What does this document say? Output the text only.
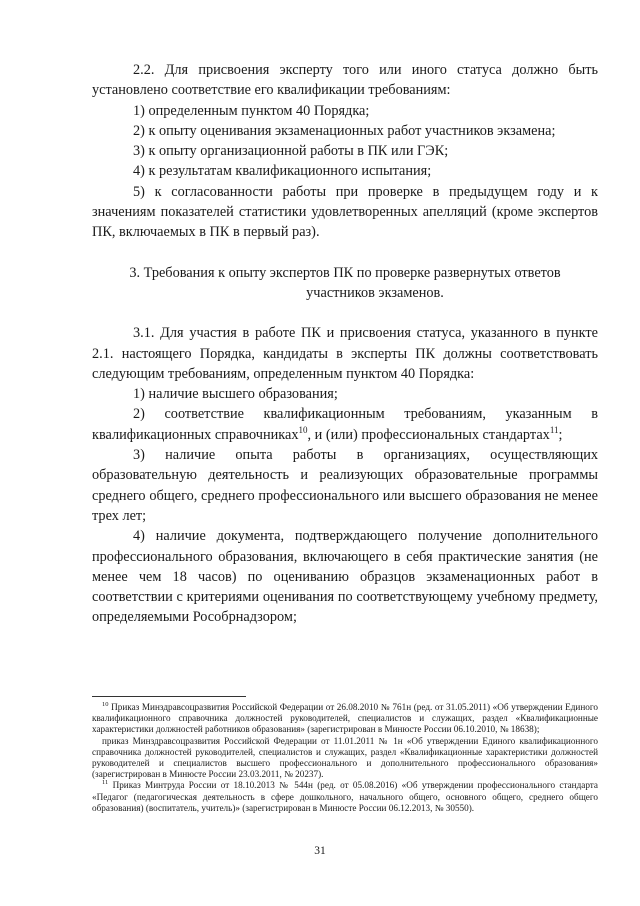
2.2. Для присвоения эксперту того или иного статуса должно быть установлено соответствие его квалификации требованиям:

1) определенным пунктом 40 Порядка;

2) к опыту оценивания экзаменационных работ участников экзамена;

3) к опыту организационной работы в ПК или ГЭК;

4) к результатам квалификационного испытания;

5) к согласованности работы при проверке в предыдущем году и к значениям показателей статистики удовлетворенных апелляций (кроме экспертов ПК, включаемых в ПК в первый раз).

3. Требования к опыту экспертов ПК по проверке развернутых ответов
участников экзаменов.

3.1. Для участия в работе ПК и присвоения статуса, указанного в пункте 2.1. настоящего Порядка, кандидаты в эксперты ПК должны соответствовать следующим требованиям, определенным пунктом 40 Порядка:

1) наличие высшего образования;

2) соответствие квалификационным требованиям, указанным в квалификационных справочниках$^{10}$, и (или) профессиональных стандартах$^{11}$;

3) наличие опыта работы в организациях, осуществляющих образовательную деятельность и реализующих образовательные программы среднего общего, среднего профессионального или высшего образования не менее трех лет;

4) наличие документа, подтверждающего получение дополнительного профессионального образования, включающего в себя практические занятия (не менее чем 18 часов) по оцениванию образцов экзаменационных работ в соответствии с критериями оценивания по соответствующему учебному предмету, определяемыми Рособрнадзором;

$^{10}$ Приказ Минздравсоцразвития Российской Федерации от 26.08.2010 № 761н (ред. от 31.05.2011) «Об утверждении Единого квалификационного справочника должностей руководителей, специалистов и служащих, раздел «Квалификационные характеристики должностей работников образования» (зарегистрирован в Минюсте России 06.10.2010, № 18638);

приказ Минздравсоцразвития Российской Федерации от 11.01.2011 № 1н «Об утверждении Единого квалификационного справочника должностей руководителей, специалистов и служащих, раздел «Квалификационные характеристики должностей руководителей и специалистов высшего профессионального и дополнительного профессионального образования» (зарегистрирован в Минюсте России 23.03.2011, № 20237).

$^{11}$ Приказ Минтруда России от 18.10.2013 № 544н (ред. от 05.08.2016) «Об утверждении профессионального стандарта «Педагог (педагогическая деятельность в сфере дошкольного, начального общего, основного общего, среднего общего образования) (воспитатель, учитель)» (зарегистрирован в Минюсте России 06.12.2013, № 30550).

31
